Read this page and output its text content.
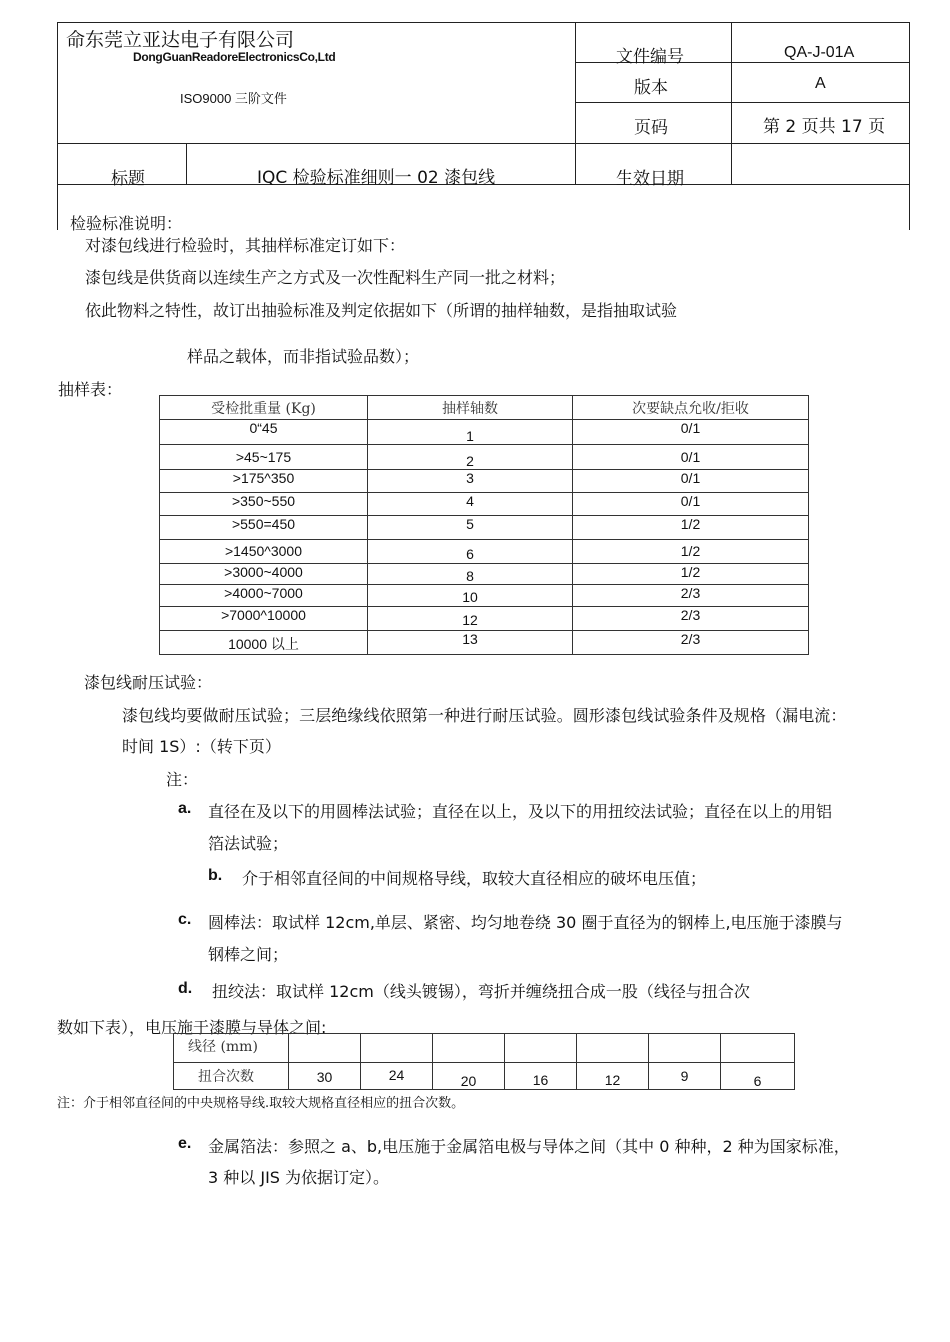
命东莞立亚达电子有限公司
DongGuanReadoreElectronicsCo,Ltd
ISO9000 三阶文件
文件编号	QA-J-01A
版本	A
页码	第 2 页共 17 页
标题	IQC 检验标准细则一 02 漆包线	生效日期
检验标准说明：
对漆包线进行检验时，其抽样标准定订如下：
漆包线是供货商以连续生产之方式及一次性配料生产同一批之材料；
依此物料之特性，故订出抽验标准及判定依据如下（所谓的抽样轴数，是指抽取试验
样品之载体，而非指试验品数）；
抽样表：
受检批重量 (Kg)	抽样轴数	次要缺点允收/拒收
0“45	1	0/1
>45~175	2	0/1
>175^350	3	0/1
>350~550	4	0/1
>550=450	5	1/2
>1450^3000	6	1/2
>3000~4000	8	1/2
>4000~7000	10	2/3
>7000^10000	12	2/3
10000 以上	13	2/3
漆包线耐压试验：
漆包线均要做耐压试验；三层绝缘线依照第一种进行耐压试验。圆形漆包线试验条件及规格（漏电流：
时间 1S）:（转下页）
注：
a. 直径在及以下的用圆棒法试验；直径在以上，及以下的用扭绞法试验；直径在以上的用铝
箔法试验；
b. 介于相邻直径间的中间规格导线，取较大直径相应的破坏电压值；
c. 圆棒法：取试样 12cm,单层、紧密、均匀地卷绕 30 圈于直径为的钢棒上,电压施于漆膜与
钢棒之间；
d. 扭绞法：取试样 12cm（线头镀锡），弯折并缠绕扭合成一股（线径与扭合次
数如下表），电压施于漆膜与导体之间:
线径 (mm)							
扭合次数	30	24	20	16	12	9	6
注：介于相邻直径间的中央规格导线.取较大规格直径相应的扭合次数。
e. 金属箔法：参照之 a、b,电压施于金属箔电极与导体之间（其中 0 种种，2 种为国家标准，
3 种以 JIS 为依据订定）。
